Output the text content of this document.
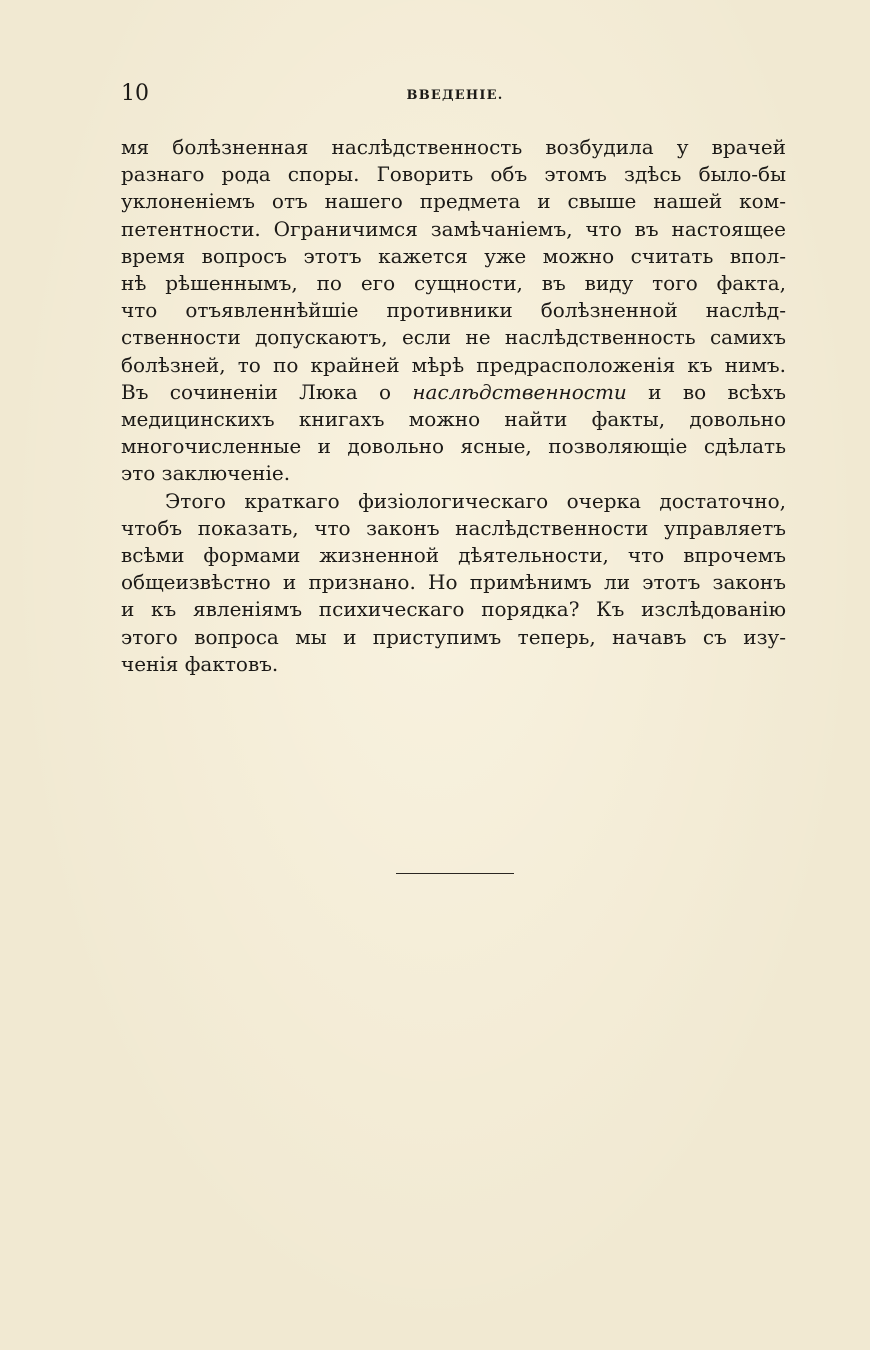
10	ВВЕДЕНІЕ.
мя болѣзненная наслѣдственность возбудила у врачей
разнаго рода споры. Говорить объ этомъ здѣсь было-бы
уклоненіемъ отъ нашего предмета и свыше нашей ком-
петентности. Ограничимся замѣчаніемъ, что въ настоящее
время вопросъ этотъ кажется уже можно считать впол-
нѣ рѣшеннымъ, по его сущности, въ виду того факта,
что отъявленнѣйшіе противники болѣзненной наслѣд-
ственности допускаютъ, если не наслѣдственность самихъ
болѣзней, то по крайней мѣрѣ предрасположенія къ нимъ.
Въ сочиненіи Люка о наслѣдственности и во всѣхъ
медицинскихъ книгахъ можно найти факты, довольно
многочисленные и довольно ясные, позволяющіе сдѣлать
это заключеніе.
Этого краткаго физіологическаго очерка достаточно,
чтобъ показать, что законъ наслѣдственности управляетъ
всѣми формами жизненной дѣятельности, что впрочемъ
общеизвѣстно и признано. Но примѣнимъ ли этотъ законъ
и къ явленіямъ психическаго порядка? Къ изслѣдованію
этого вопроса мы и приступимъ теперь, начавъ съ изу-
ченія фактовъ.
